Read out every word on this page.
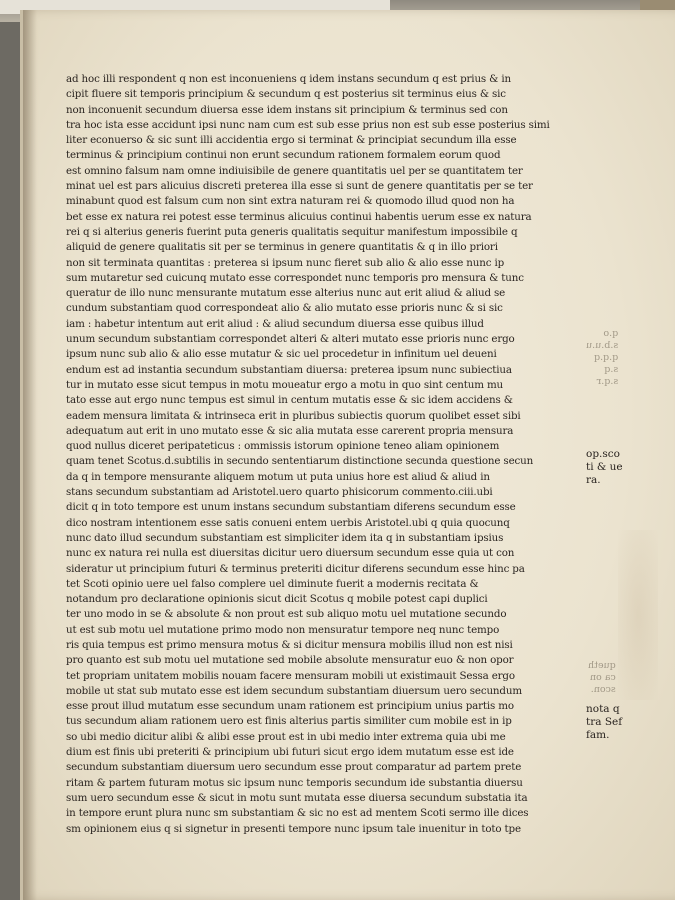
ad hoc illi respondent q non est inconueniens q idem instans secundum q est prius & in
cipit fluere sit temporis principium & secundum q est posterius sit terminus eius & sic
non inconuenit secundum diuersa esse idem instans sit principium & terminus sed con
tra hoc ista esse accidunt ipsi nunc nam cum est sub esse prius non est sub esse posterius simi
liter econuerso & sic sunt illi accidentia ergo si terminat & principiat secundum illa esse
terminus & principium continui non erunt secundum rationem formalem eorum quod
est omnino falsum nam omne indiuisibile de genere quantitatis uel per se quantitatem ter
minat uel est pars alicuius discreti preterea illa esse si sunt de genere quantitatis per se ter
minabunt quod est falsum cum non sint extra naturam rei & quomodo illud quod non ha
bet esse ex natura rei potest esse terminus alicuius continui habentis uerum esse ex natura
rei q si alterius generis fuerint puta generis qualitatis sequitur manifestum impossibile q
aliquid de genere qualitatis sit per se terminus in genere quantitatis & q in illo priori
non sit terminata quantitas : preterea si ipsum nunc fieret sub alio & alio esse nunc ip
sum mutaretur sed cuicunq mutato esse correspondet nunc temporis pro mensura & tunc
queratur de illo nunc mensurante mutatum esse alterius nunc aut erit aliud & aliud se
cundum substantiam quod correspondeat alio & alio mutato esse prioris nunc & si sic
iam : habetur intentum aut erit aliud : & aliud secundum diuersa esse quibus illud
unum secundum substantiam correspondet alteri & alteri mutato esse prioris nunc ergo
ipsum nunc sub alio & alio esse mutatur & sic uel procedetur in infinitum uel deueni
endum est ad instantia secundum substantiam diuersa: preterea ipsum nunc subiectiua
tur in mutato esse sicut tempus in motu moueatur ergo a motu in quo sint centum mu
tato esse aut ergo nunc tempus est simul in centum mutatis esse & sic idem accidens &
eadem mensura limitata & intrinseca erit in pluribus subiectis quorum quolibet esset sibi
adequatum aut erit in uno mutato esse & sic alia mutata esse carerent propria mensura
quod nullus diceret peripateticus : ommissis istorum opinione teneo aliam opinionem
quam tenet Scotus.d.subtilis in secundo sententiarum distinctione secunda questione secun
da q in tempore mensurante aliquem motum ut puta unius hore est aliud & aliud in
stans secundum substantiam ad Aristotel.uero quarto phisicorum commento.ciii.ubi
dicit q in toto tempore est unum instans secundum substantiam diferens secundum esse
dico nostram intentionem esse satis conueni entem uerbis Aristotel.ubi q quia quocunq
nunc dato illud secundum substantiam est simpliciter idem ita q in substantiam ipsius
nunc ex natura rei nulla est diuersitas dicitur uero diuersum secundum esse quia ut con
sideratur ut principium futuri & terminus preteriti dicitur diferens secundum esse hinc pa
tet Scoti opinio uere uel falso complere uel diminute fuerit a modernis recitata &
notandum pro declaratione opinionis sicut dicit Scotus q mobile potest capi duplici
ter uno modo in se & absolute & non prout est sub aliquo motu uel mutatione secundo
ut est sub motu uel mutatione primo modo non mensuratur tempore neq nunc tempo
ris quia tempus est primo mensura motus & si dicitur mensura mobilis illud non est nisi
pro quanto est sub motu uel mutatione sed mobile absolute mensuratur euo & non opor
tet propriam unitatem mobilis nouam facere mensuram mobili ut existimauit Sessa ergo
mobile ut stat sub mutato esse est idem secundum substantiam diuersum uero secundum
esse prout illud mutatum esse secundum unam rationem est principium unius partis mo
tus secundum aliam rationem uero est finis alterius partis similiter cum mobile est in ip
so ubi medio dicitur alibi & alibi esse prout est in ubi medio inter extrema quia ubi me
dium est finis ubi preteriti & principium ubi futuri sicut ergo idem mutatum esse est ide
secundum substantiam diuersum uero secundum esse prout comparatur ad partem prete
ritam & partem futuram motus sic ipsum nunc temporis secundum ide substantia diuersu
sum uero secundum esse & sicut in motu sunt mutata esse diuersa secundum substatia ita
in tempore erunt plura nunc sm substantiam & sic no est ad mentem Scoti sermo ille dices
sm opinionem eius q si signetur in presenti tempore nunc ipsum tale inuenitur in toto tpe
q.o
s.b.u.u
q.q.q
s.q
s.q.r
op.sco
ti & ue
ra.
queth
ca on
scon.
nota q
tra Sef
fam.
